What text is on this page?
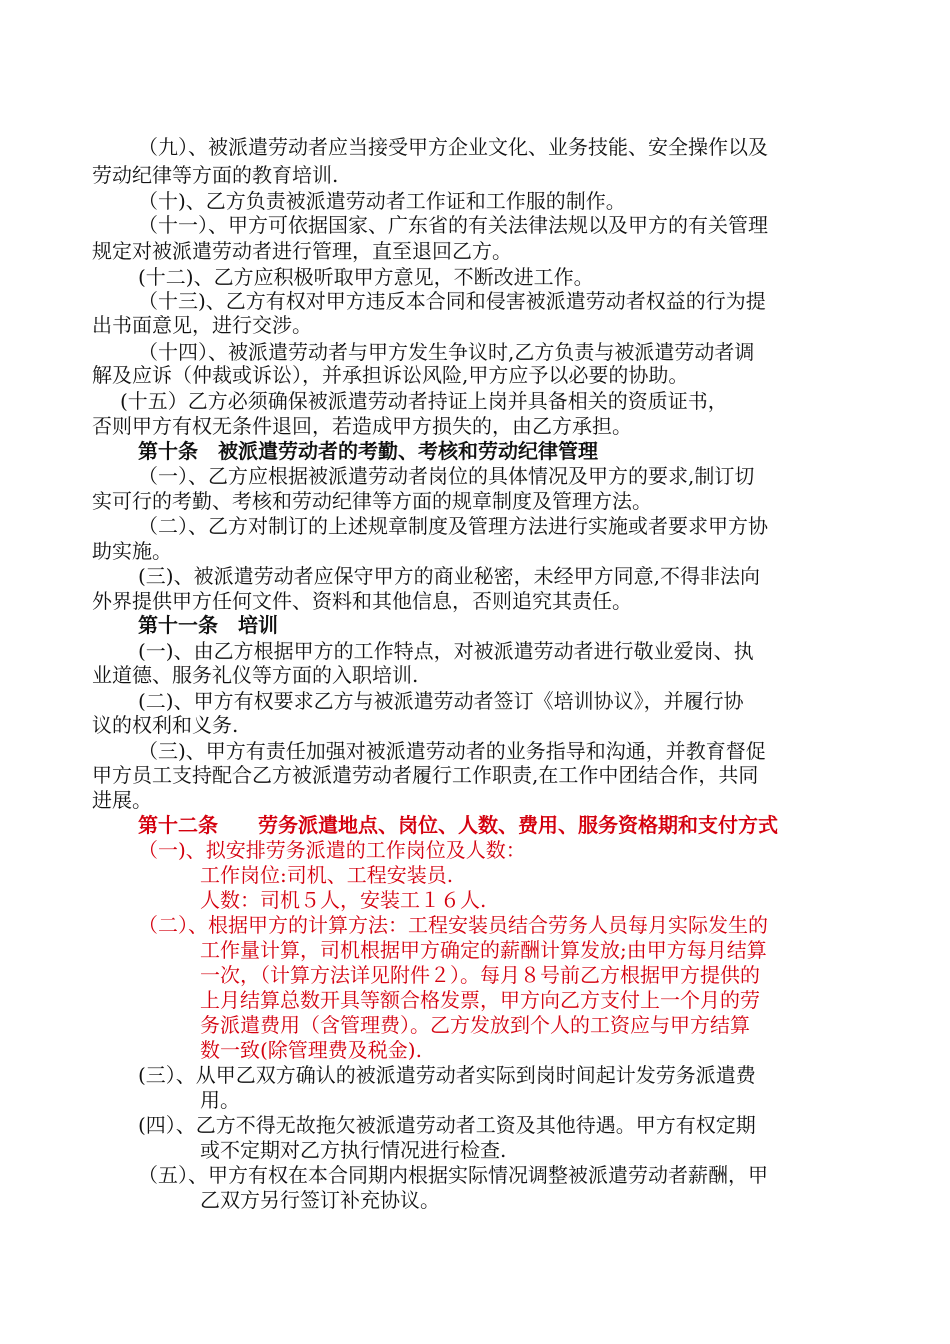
（九）、被派遣劳动者应当接受甲方企业文化、业务技能、安全操作以及
劳动纪律等方面的教育培训.
（十)、乙方负责被派遣劳动者工作证和工作服的制作。
（十一）、甲方可依据国家、广东省的有关法律法规以及甲方的有关管理
规定对被派遣劳动者进行管理，直至退回乙方。
(十二)、乙方应积极听取甲方意见，不断改进工作。
（十三)、乙方有权对甲方违反本合同和侵害被派遣劳动者权益的行为提
出书面意见，进行交涉。
（十四）、被派遣劳动者与甲方发生争议时,乙方负责与被派遣劳动者调
解及应诉（仲裁或诉讼），并承担诉讼风险,甲方应予以必要的协助。
(十五）乙方必须确保被派遣劳动者持证上岗并具备相关的资质证书，
否则甲方有权无条件退回，若造成甲方损失的，由乙方承担。
第十条　被派遣劳动者的考勤、考核和劳动纪律管理
（一）、乙方应根据被派遣劳动者岗位的具体情况及甲方的要求,制订切
实可行的考勤、考核和劳动纪律等方面的规章制度及管理方法。
（二）、乙方对制订的上述规章制度及管理方法进行实施或者要求甲方协
助实施。
(三)、被派遣劳动者应保守甲方的商业秘密，未经甲方同意,不得非法向
外界提供甲方任何文件、资料和其他信息，否则追究其责任。
第十一条　培训
(一)、由乙方根据甲方的工作特点，对被派遣劳动者进行敬业爱岗、执
业道德、服务礼仪等方面的入职培训.
(二)、甲方有权要求乙方与被派遣劳动者签订《培训协议》，并履行协
议的权利和义务.
（三)、甲方有责任加强对被派遣劳动者的业务指导和沟通，并教育督促
甲方员工支持配合乙方被派遣劳动者履行工作职责,在工作中团结合作，共同
进展。
第十二条　　劳务派遣地点、岗位、人数、费用、服务资格期和支付方式
（一)、拟安排劳务派遣的工作岗位及人数：
工作岗位:司机、工程安装员.
人数：司机５人，安装工１６人.
（二）、根据甲方的计算方法：工程安装员结合劳务人员每月实际发生的
工作量计算，司机根据甲方确定的薪酬计算发放;由甲方每月结算
一次，（计算方法详见附件２）。每月８号前乙方根据甲方提供的
上月结算总数开具等额合格发票，甲方向乙方支付上一个月的劳
务派遣费用（含管理费）。乙方发放到个人的工资应与甲方结算
数一致(除管理费及税金).
(三）、从甲乙双方确认的被派遣劳动者实际到岗时间起计发劳务派遣费
用。
(四）、乙方不得无故拖欠被派遣劳动者工资及其他待遇。甲方有权定期
或不定期对乙方执行情况进行检查.
（五）、甲方有权在本合同期内根据实际情况调整被派遣劳动者薪酬，甲
乙双方另行签订补充协议。
